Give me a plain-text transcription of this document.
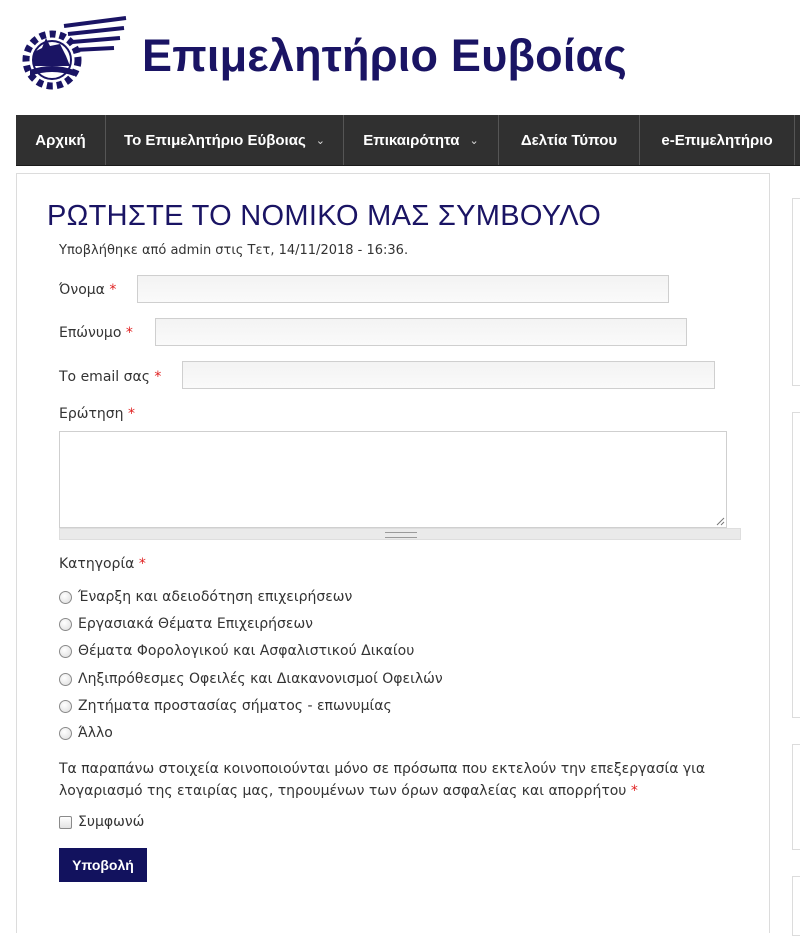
Επιμελητήριο Ευβοίας
Αρχική	Το Επιμελητήριο Εύβοιας ⌄	Επικαιρότητα ⌄	Δελτία Τύπου	e-Επιμελητήριο
ΡΩΤΗΣΤΕ ΤΟ ΝΟΜΙΚΟ ΜΑΣ ΣΥΜΒΟΥΛΟ
Υποβλήθηκε από admin στις Τετ, 14/11/2018 - 16:36.
Όνομα *
Επώνυμο *
Το email σας *
Ερώτηση *
Κατηγορία *
Έναρξη και αδειοδότηση επιχειρήσεων
Εργασιακά Θέματα Επιχειρήσεων
Θέματα Φορολογικού και Ασφαλιστικού Δικαίου
Ληξιπρόθεσμες Οφειλές και Διακανονισμοί Οφειλών
Ζητήματα προστασίας σήματος - επωνυμίας
Άλλο
Τα παραπάνω στοιχεία κοινοποιούνται μόνο σε πρόσωπα που εκτελούν την επεξεργασία για λογαριασμό της εταιρίας μας, τηρουμένων των όρων ασφαλείας και απορρήτου *
Συμφωνώ
Υποβολή
